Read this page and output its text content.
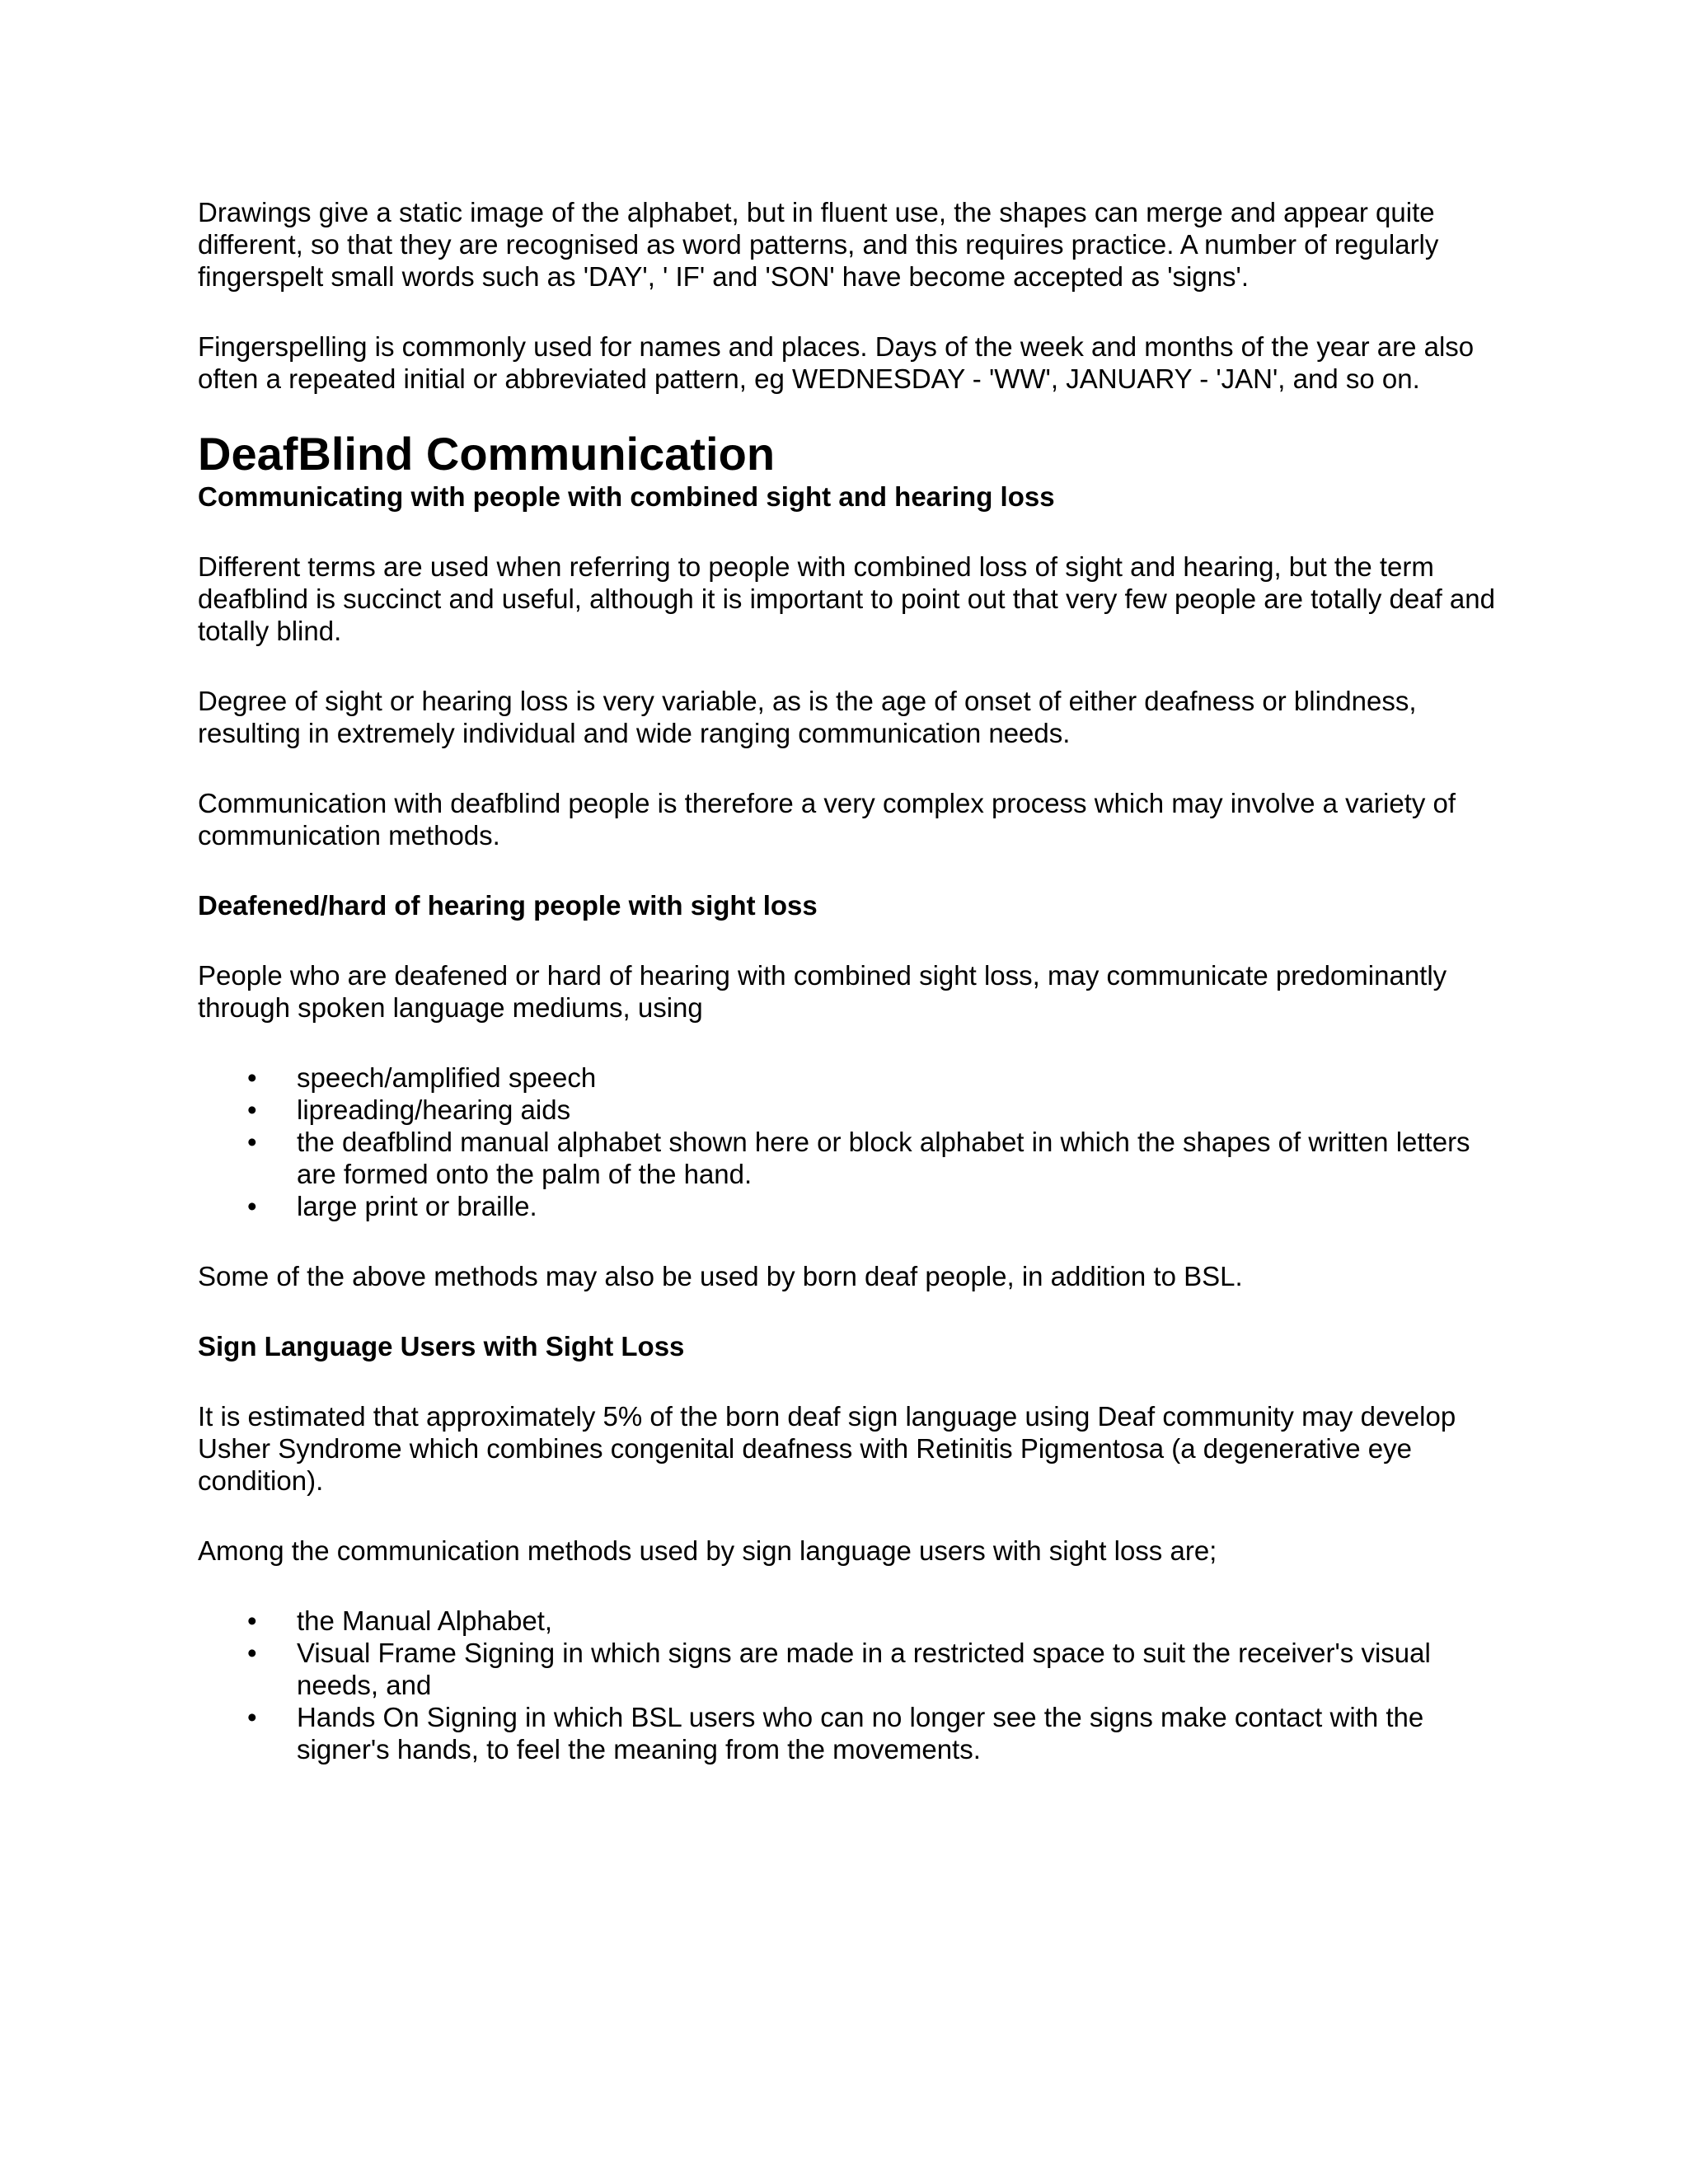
Drawings give a static image of the alphabet, but in fluent use, the shapes can merge and appear quite different, so that they are recognised as word patterns, and this requires practice. A number of regularly fingerspelt small words such as 'DAY', ' IF' and 'SON' have become accepted as 'signs'.

Fingerspelling is commonly used for names and places. Days of the week and months of the year are also often a repeated initial or abbreviated pattern, eg WEDNESDAY - 'WW', JANUARY - 'JAN', and so on.

DeafBlind Communication

Communicating with people with combined sight and hearing loss

Different terms are used when referring to people with combined loss of sight and hearing, but the term deafblind is succinct and useful, although it is important to point out that very few people are totally deaf and totally blind.

Degree of sight or hearing loss is very variable, as is the age of onset of either deafness or blindness, resulting in extremely individual and wide ranging communication needs.

Communication with deafblind people is therefore a very complex process which may involve a variety of communication methods.

Deafened/hard of hearing people with sight loss

People who are deafened or hard of hearing with combined sight loss, may communicate predominantly through spoken language mediums, using

• speech/amplified speech
• lipreading/hearing aids
• the deafblind manual alphabet shown here or block alphabet in which the shapes of written letters are formed onto the palm of the hand.
• large print or braille.

Some of the above methods may also be used by born deaf people, in addition to BSL.

Sign Language Users with Sight Loss

It is estimated that approximately 5% of the born deaf sign language using Deaf community may develop Usher Syndrome which combines congenital deafness with Retinitis Pigmentosa (a degenerative eye condition).

Among the communication methods used by sign language users with sight loss are;

• the Manual Alphabet,
• Visual Frame Signing in which signs are made in a restricted space to suit the receiver's visual needs, and
• Hands On Signing in which BSL users who can no longer see the signs make contact with the signer's hands, to feel the meaning from the movements.
